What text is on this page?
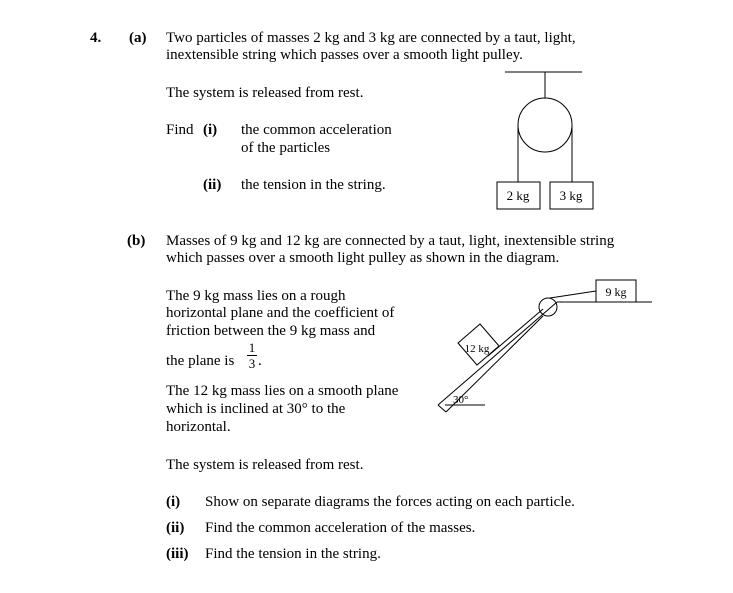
4. (a) Two particles of masses 2 kg and 3 kg are connected by a taut, light,
inextensible string which passes over a smooth light pulley.
The system is released from rest.
Find (i) the common acceleration
of the particles
(ii) the tension in the string.
(b) Masses of 9 kg and 12 kg are connected by a taut, light, inextensible string
which passes over a smooth light pulley as shown in the diagram.
The 9 kg mass lies on a rough
horizontal plane and the coefficient of
friction between the 9 kg mass and
the plane is
1
3 .
The 12 kg mass lies on a smooth plane
which is inclined at 30° to the
horizontal.
The system is released from rest.
(i) Show on separate diagrams the forces acting on each particle.
(ii) Find the common acceleration of the masses.
(iii) Find the tension in the string.
2 kg 3 kg
9 kg
12 kg
30°
